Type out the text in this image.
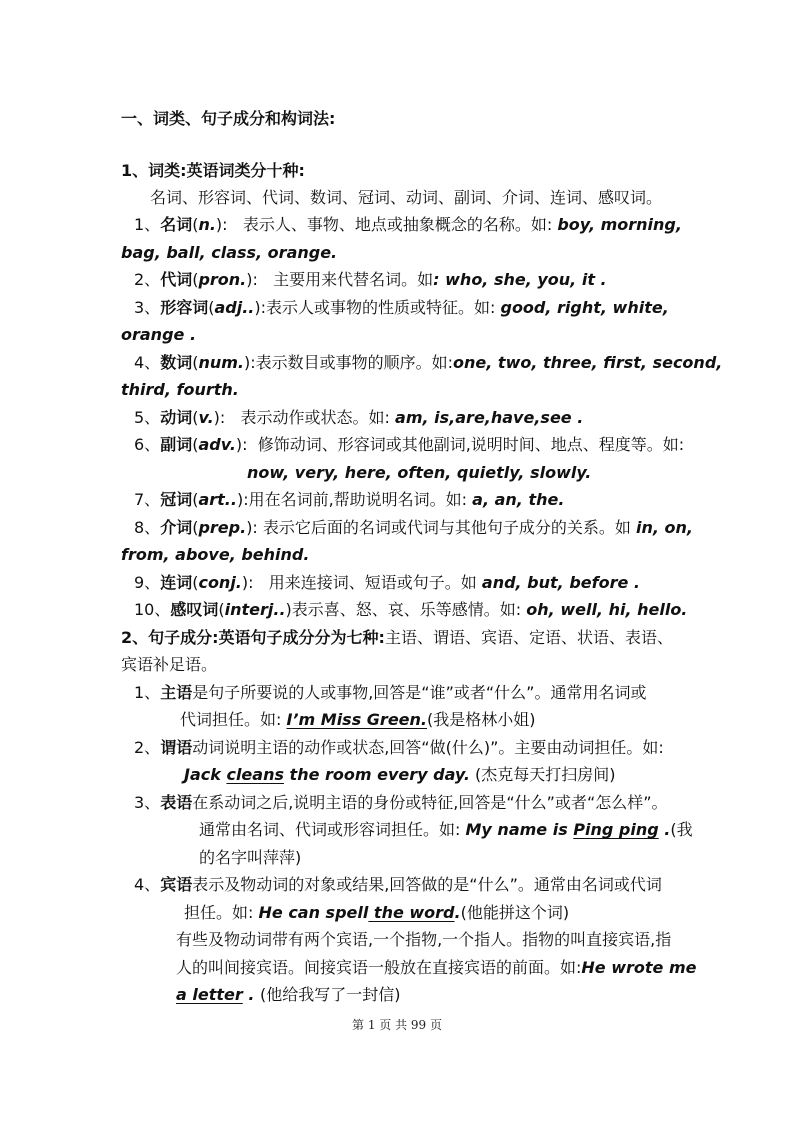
一、词类、句子成分和构词法:
1、词类:英语词类分十种:
名词、形容词、代词、数词、冠词、动词、副词、介词、连词、感叹词。
1、名词(n.):   表示人、事物、地点或抽象概念的名称。如: boy, morning,
bag, ball, class, orange.
2、代词(pron.):   主要用来代替名词。如: who, she, you, it .
3、形容词(adj..):表示人或事物的性质或特征。如: good, right, white,
orange .
4、数词(num.):表示数目或事物的顺序。如:one, two, three, first, second,
third, fourth.
5、动词(v.):   表示动作或状态。如: am, is,are,have,see .
6、副词(adv.):  修饰动词、形容词或其他副词,说明时间、地点、程度等。如:
now, very, here, often, quietly, slowly.
7、冠词(art..):用在名词前,帮助说明名词。如: a, an, the.
8、介词(prep.): 表示它后面的名词或代词与其他句子成分的关系。如 in, on,
from, above, behind.
9、连词(conj.):   用来连接词、短语或句子。如 and, but, before .
10、感叹词(interj..)表示喜、怒、哀、乐等感情。如: oh, well, hi, hello.
2、句子成分:英语句子成分分为七种:主语、谓语、宾语、定语、状语、表语、
宾语补足语。
1、主语是句子所要说的人或事物,回答是“谁”或者“什么”。通常用名词或
代词担任。如: I’m Miss Green.(我是格林小姐)
2、谓语动词说明主语的动作或状态,回答“做(什么)”。主要由动词担任。如:
Jack cleans the room every day. (杰克每天打扫房间)
3、表语在系动词之后,说明主语的身份或特征,回答是“什么”或者“怎么样”。
通常由名词、代词或形容词担任。如: My name is Ping ping .(我
的名字叫萍萍)
4、宾语表示及物动词的对象或结果,回答做的是“什么”。通常由名词或代词
担任。如: He can spell the word.(他能拼这个词)
有些及物动词带有两个宾语,一个指物,一个指人。指物的叫直接宾语,指
人的叫间接宾语。间接宾语一般放在直接宾语的前面。如:He wrote me
a letter . (他给我写了一封信)
第 1 页 共 99 页
